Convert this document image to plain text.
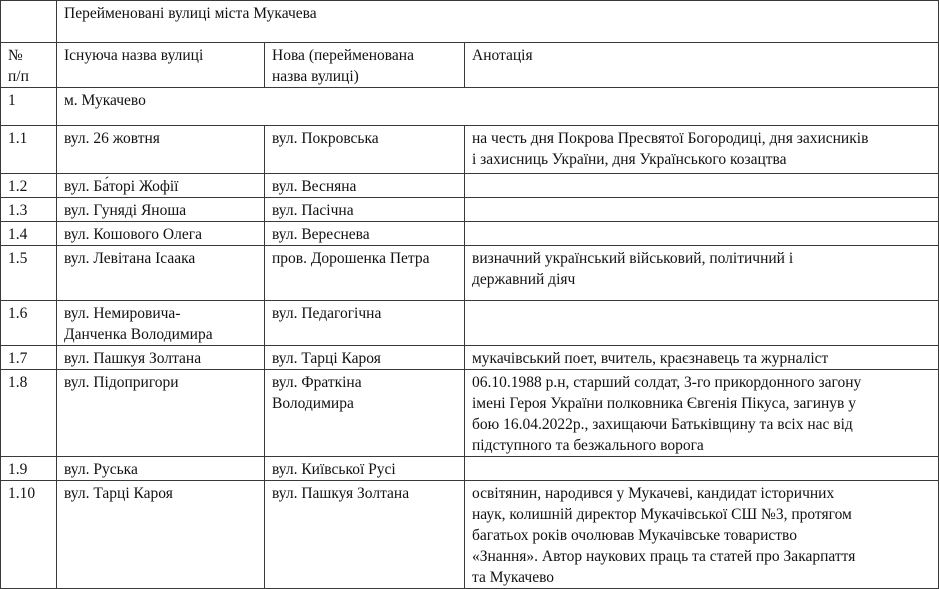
	Перейменовані вулиці міста Мукачева		

№
п/п	Існуюча назва вулиці	Нова (перейменована
назва вулиці)	Анотація
1	м. Мукачево		
1.1	вул. 26 жовтня	вул. Покровська	на честь дня Покрова Пресвятої Богородиці, дня захисників
і захисниць України, дня Українського козацтва

1.2	вул. Ба́торі Жофії	вул. Весняна	

1.3	вул. Гуняді Яноша	вул. Пасічна	

1.4	вул. Кошового Олега	вул. Вереснева	

1.5	вул. Левітана Ісаака	пров. Дорошенка Петра	визначний український військовий, політичний і
державний діяч

1.6	вул. Немировича-
Данченка Володимира	вул. Педагогічна	

1.7	вул. Пашкуя Золтана	вул. Тарці Кароя	мукачівський поет, вчитель, краєзнавець та журналіст

1.8	вул. Підопригори	вул. Фраткіна
Володимира	06.10.1988 р.н, старший солдат, 3-го прикордонного загону
імені Героя України полковника Євгенія Пікуса, загинув у
бою 16.04.2022р., захищаючи Батьківщину та всіх нас від
підступного та безжального ворога

1.9	вул. Руська	вул. Київської Русі	

1.10	вул. Тарці Кароя	вул. Пашкуя Золтана	освітянин, народився у Мукачеві, кандидат історичних
наук, колишній директор Мукачівської СШ №3, протягом
багатьох років очолював Мукачівське товариство
«Знання». Автор наукових праць та статей про Закарпаття
та Мукачево
